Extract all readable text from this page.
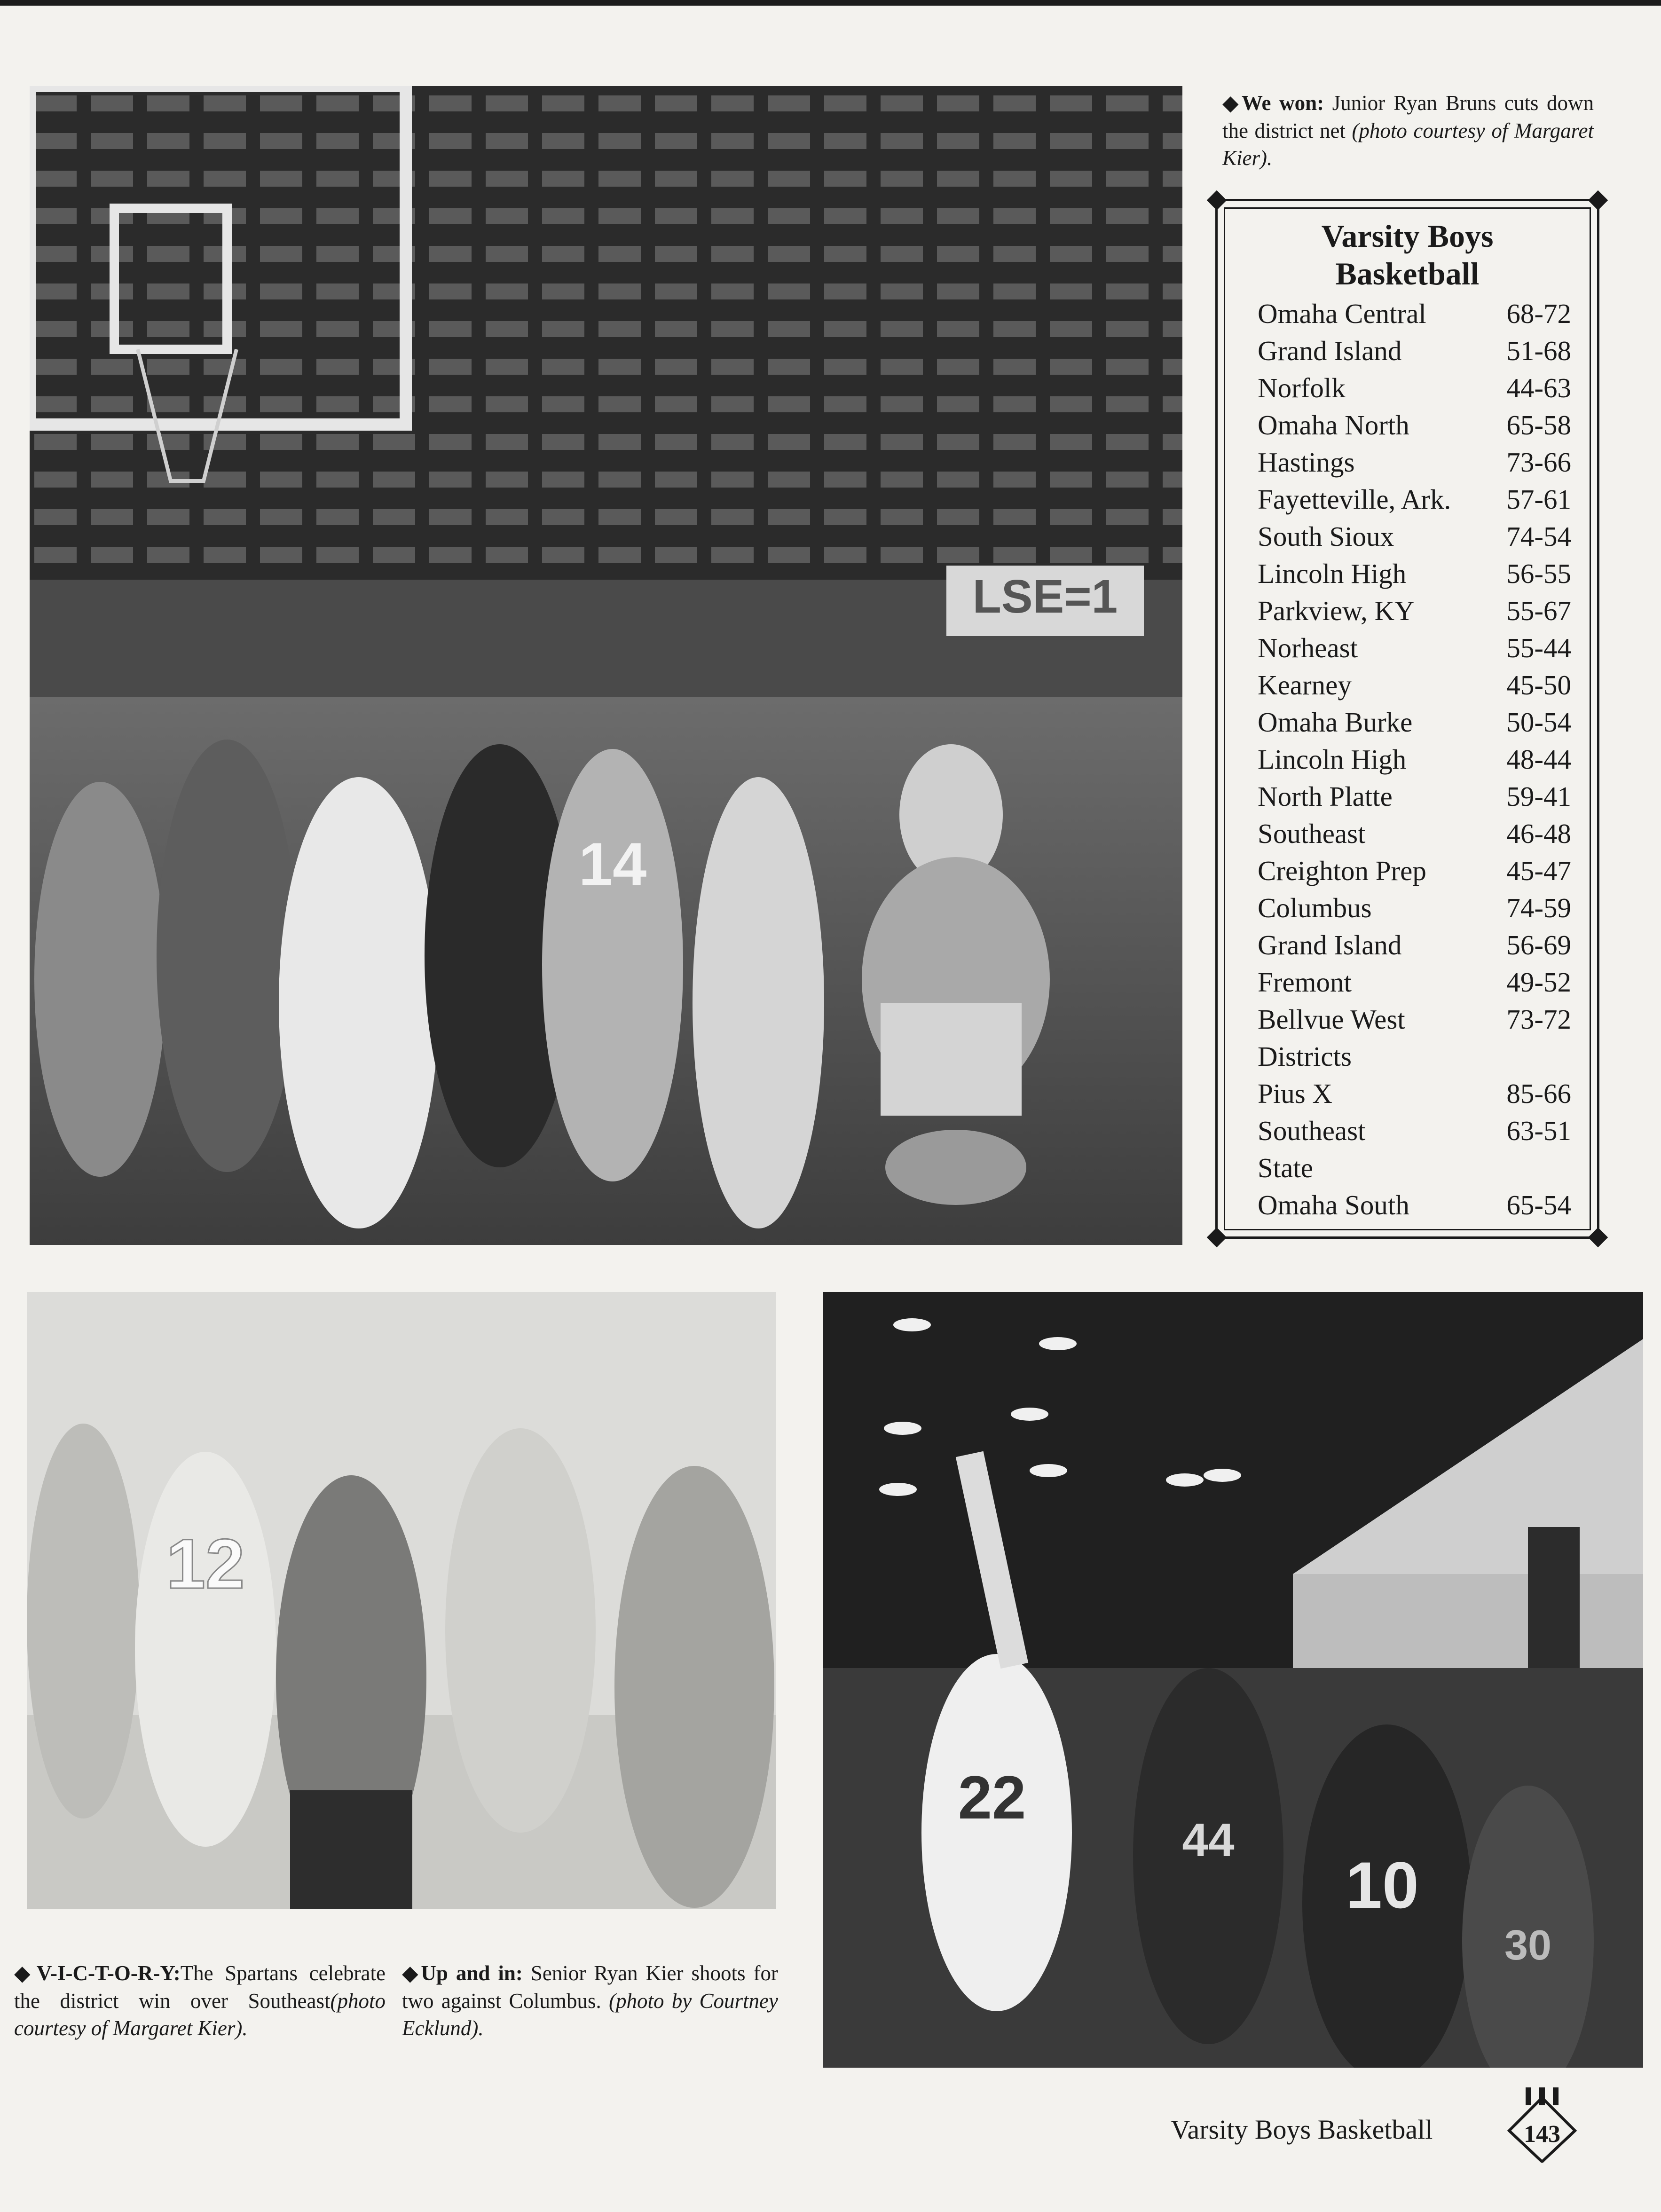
LSE=1
14
◆We won: Junior Ryan Bruns cuts down the district net (photo courtesy of Margaret Kier).
Varsity Boys
Basketball
Omaha Central	68-72
Grand Island	51-68
Norfolk	44-63
Omaha North	65-58
Hastings	73-66
Fayetteville, Ark.	57-61
South Sioux	74-54
Lincoln High	56-55
Parkview, KY	55-67
Norheast	55-44
Kearney	45-50
Omaha Burke	50-54
Lincoln High	48-44
North Platte	59-41
Southeast	46-48
Creighton Prep	45-47
Columbus	74-59
Grand Island	56-69
Fremont	49-52
Bellvue West	73-72
Districts
Pius X	85-66
Southeast	63-51
State
Omaha South	65-54
12
22
44
10
30
◆V-I-C-T-O-R-Y:The Spartans celebrate the district win over Southeast(photo courtesy of Margaret Kier).
◆Up and in: Senior Ryan Kier shoots for two against Columbus. (photo by Courtney Ecklund).
Varsity Boys Basketball	143
